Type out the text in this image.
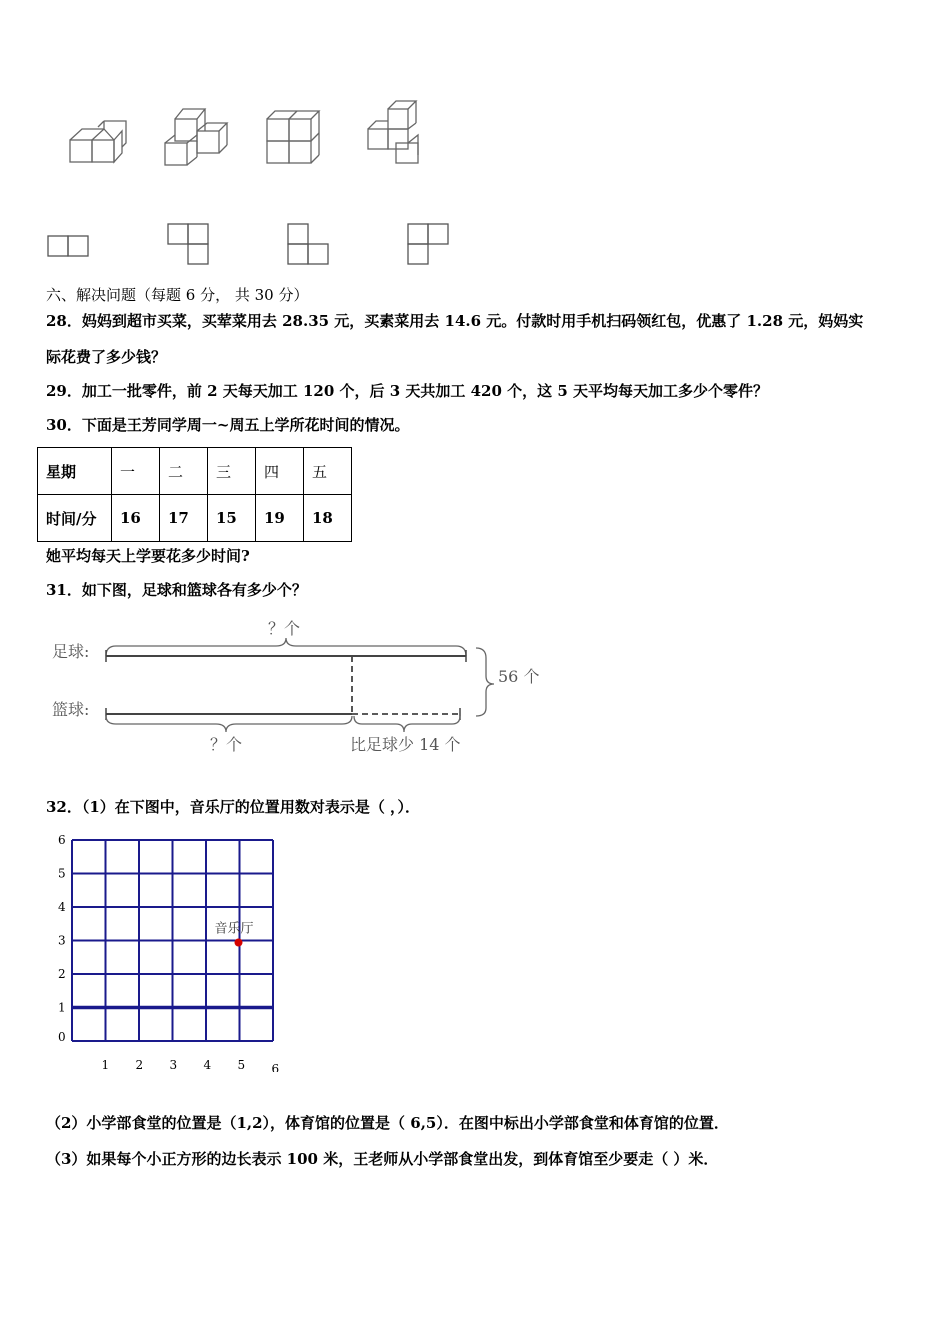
六、解决问题（每题 6 分， 共 30 分）
28．妈妈到超市买菜，买荤菜用去 28.35 元，买素菜用去 14.6 元。付款时用手机扫码领红包，优惠了 1.28 元，妈妈实
际花费了多少钱？
29．加工一批零件，前 2 天每天加工 120 个，后 3 天共加工 420 个，这 5 天平均每天加工多少个零件？
30．下面是王芳同学周一~周五上学所花时间的情况。
星期	一	二	三	四	五
时间/分	16	17	15	19	18
她平均每天上学要花多少时间?
31．如下图，足球和篮球各有多少个？
足球:
篮球:
？个
56 个
？个	比足球少 14 个
32．（1）在下图中，音乐厅的位置用数对表示是（ ，）．
1 2 3 4 5 6
0
1
2
3
4
5
6
音乐厅
（2）小学部食堂的位置是（1,2），体育馆的位置是（ 6,5）．在图中标出小学部食堂和体育馆的位置．
（3）如果每个小正方形的边长表示 100 米，王老师从小学部食堂出发，到体育馆至少要走（ ）米．
